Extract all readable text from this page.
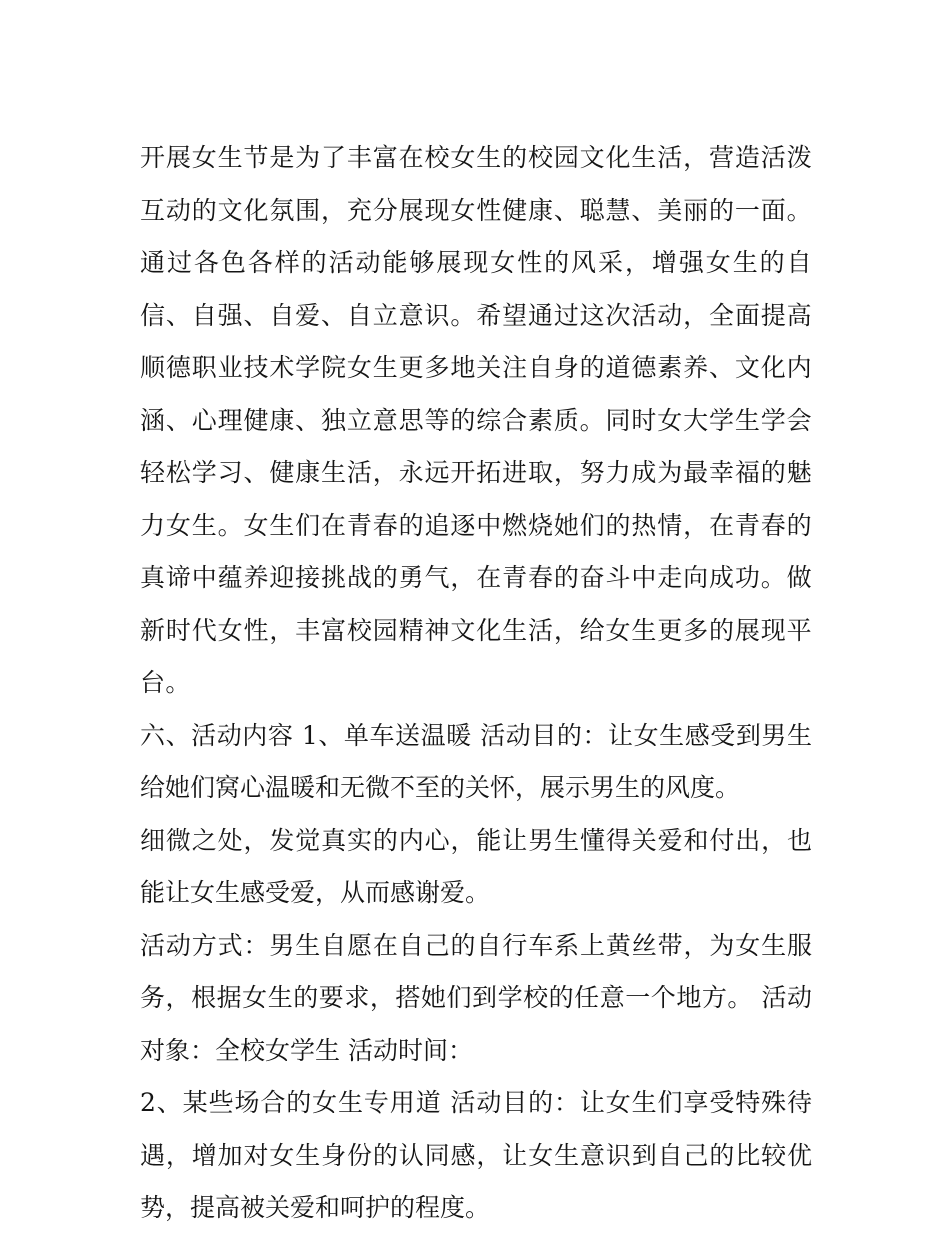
开展女生节是为了丰富在校女生的校园文化生活，营造活泼互动的文化氛围，充分展现女性健康、聪慧、美丽的一面。通过各色各样的活动能够展现女性的风采，增强女生的自信、自强、自爱、自立意识。希望通过这次活动，全面提高顺德职业技术学院女生更多地关注自身的道德素养、文化内涵、心理健康、独立意思等的综合素质。同时女大学生学会轻松学习、健康生活，永远开拓进取，努力成为最幸福的魅力女生。女生们在青春的追逐中燃烧她们的热情，在青春的真谛中蕴养迎接挑战的勇气，在青春的奋斗中走向成功。做新时代女性，丰富校园精神文化生活，给女生更多的展现平台。

六、活动内容 1、单车送温暖 活动目的：让女生感受到男生给她们窝心温暖和无微不至的关怀，展示男生的风度。

细微之处，发觉真实的内心，能让男生懂得关爱和付出，也能让女生感受爱，从而感谢爱。

活动方式：男生自愿在自己的自行车系上黄丝带，为女生服务，根据女生的要求，搭她们到学校的任意一个地方。 活动对象：全校女学生 活动时间：

2、某些场合的女生专用道 活动目的：让女生们享受特殊待遇，增加对女生身份的认同感，让女生意识到自己的比较优势，提高被关爱和呵护的程度。
